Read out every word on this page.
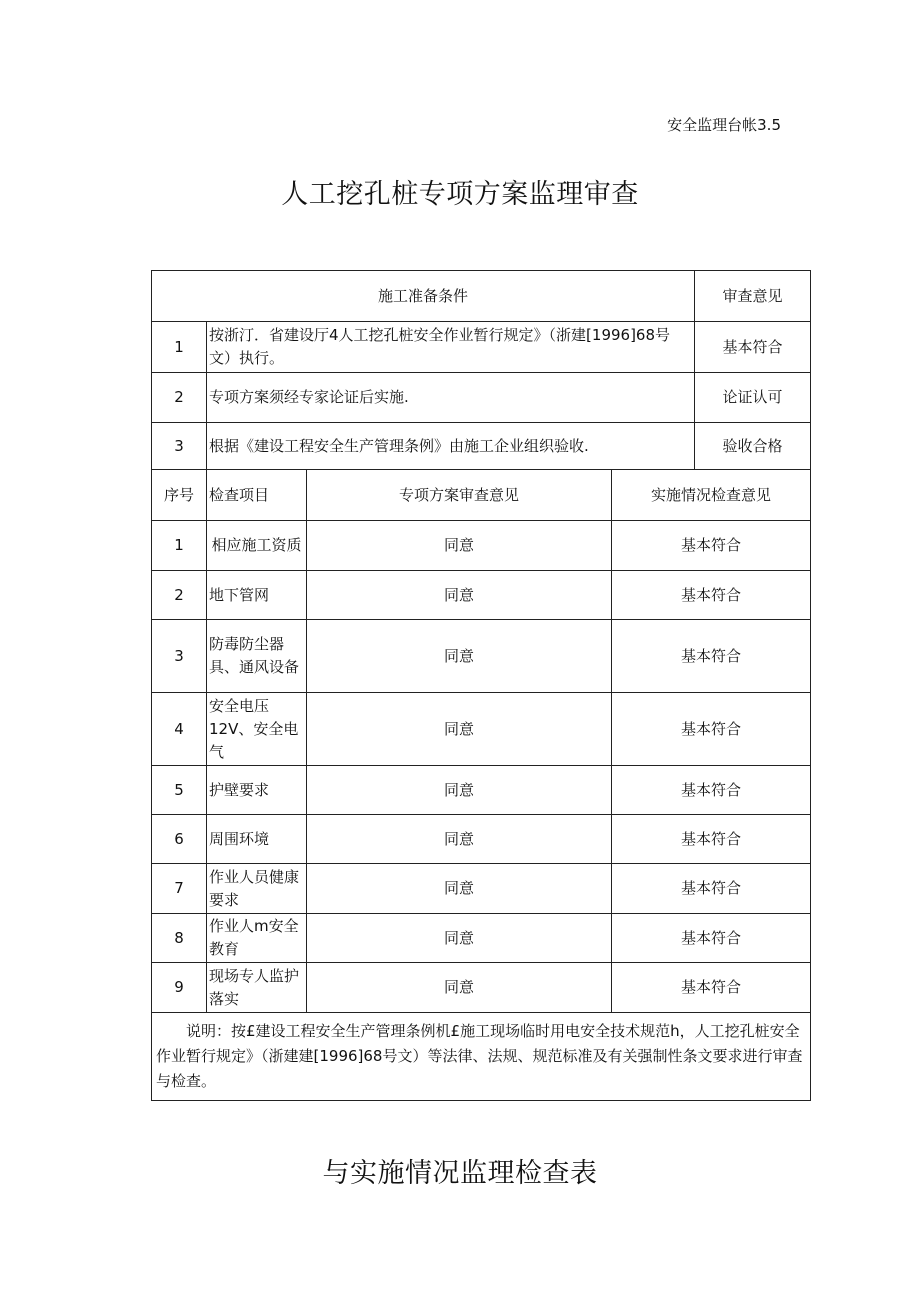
安全监理台帐3.5
人工挖孔桩专项方案监理审查
施工准备条件				审查意见
1	按浙汀．省建设厅4人工挖孔桩安全作业暂行规定》（浙建[1996]68号文）执行。			基本符合
2	专项方案须经专家论证后实施.			论证认可
3	根据《建设工程安全生产管理条例》由施工企业组织验收.			验收合格
序号	检查项目	专项方案审查意见	实施情况检查意见	
1	相应施工资质	同意	基本符合	
2	地下管网	同意	基本符合	
3	防毒防尘器具、通风设备	同意	基本符合	
4	安全电压12V、安全电气	同意	基本符合	
5	护壁要求	同意	基本符合	
6	周围环境	同意	基本符合	
7	作业人员健康要求	同意	基本符合	
8	作业人m安全教育	同意	基本符合	
9	现场专人监护落实	同意	基本符合	
说明：按£建设工程安全生产管理条例机£施工现场临时用电安全技术规范h，人工挖孔桩安全作业暂行规定》（浙建建[1996]68号文）等法律、法规、规范标准及有关强制性条文要求进行审查与检查。				
与实施情况监理检查表
